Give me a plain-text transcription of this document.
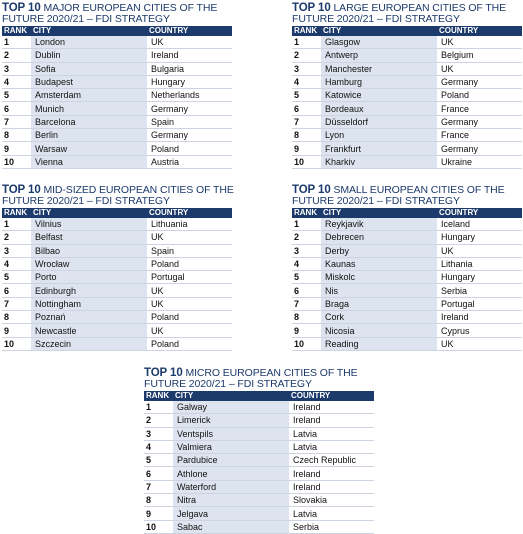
TOP 10 MAJOR EUROPEAN CITIES OF THE
FUTURE 2020/21 – FDI STRATEGY
RANK	CITY	COUNTRY
1	London	UK
2	Dublin	Ireland
3	Sofia	Bulgaria
4	Budapest	Hungary
5	Amsterdam	Netherlands
6	Munich	Germany
7	Barcelona	Spain
8	Berlin	Germany
9	Warsaw	Poland
10	Vienna	Austria
TOP 10 LARGE EUROPEAN CITIES OF THE
FUTURE 2020/21 – FDI STRATEGY
RANK	CITY	COUNTRY
1	Glasgow	UK
2	Antwerp	Belgium
3	Manchester	UK
4	Hamburg	Germany
5	Katowice	Poland
6	Bordeaux	France
7	Düsseldorf	Germany
8	Lyon	France
9	Frankfurt	Germany
10	Kharkiv	Ukraine
TOP 10 MID-SIZED EUROPEAN CITIES OF THE
FUTURE 2020/21 – FDI STRATEGY
RANK	CITY	COUNTRY
1	Vilnius	Lithuania
2	Belfast	UK
3	Bilbao	Spain
4	Wrocław	Poland
5	Porto	Portugal
6	Edinburgh	UK
7	Nottingham	UK
8	Poznań	Poland
9	Newcastle	UK
10	Szczecin	Poland
TOP 10 SMALL EUROPEAN CITIES OF THE
FUTURE 2020/21 – FDI STRATEGY
RANK	CITY	COUNTRY
1	Reykjavik	Iceland
2	Debrecen	Hungary
3	Derby	UK
4	Kaunas	Lithania
5	Miskolc	Hungary
6	Nis	Serbia
7	Braga	Portugal
8	Cork	Ireland
9	Nicosia	Cyprus
10	Reading	UK
TOP 10 MICRO EUROPEAN CITIES OF THE
FUTURE 2020/21 – FDI STRATEGY
RANK	CITY	COUNTRY
1	Galway	Ireland
2	Limerick	Ireland
3	Ventspils	Latvia
4	Valmiera	Latvia
5	Pardubice	Czech Republic
6	Athlone	Ireland
7	Waterford	Ireland
8	Nitra	Slovakia
9	Jelgava	Latvia
10	Sabac	Serbia
